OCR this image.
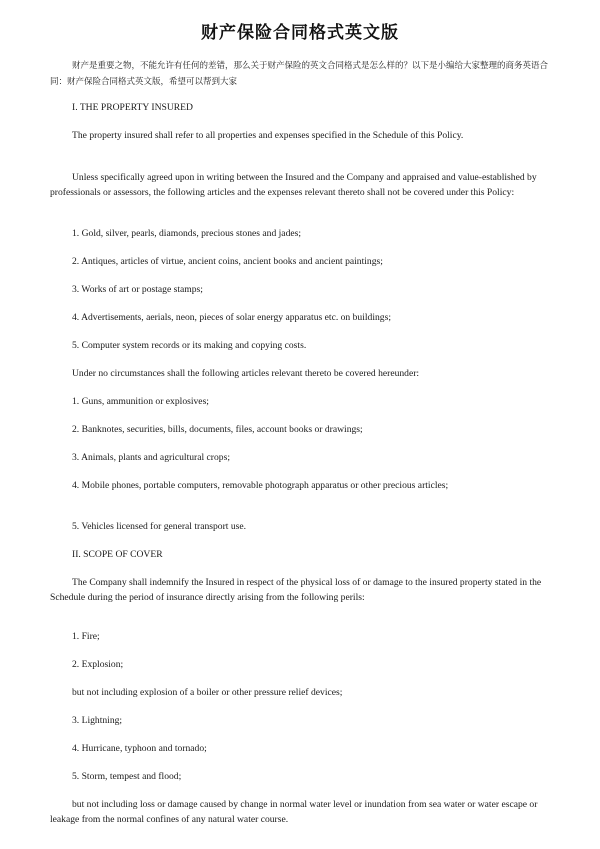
财产保险合同格式英文版

财产是重要之物，不能允许有任何的差错，那么关于财产保险的英文合同格式是怎么样的？以下是小编给大家整理的商务英语合同：财产保险合同格式英文版，希望可以帮到大家

I. THE PROPERTY INSURED

The property insured shall refer to all properties and expenses specified in the Schedule of this Policy.

Unless specifically agreed upon in writing between the Insured and the Company and appraised and value-established by professionals or assessors, the following articles and the expenses relevant thereto shall not be covered under this Policy:

1. Gold, silver, pearls, diamonds, precious stones and jades;

2. Antiques, articles of virtue, ancient coins, ancient books and ancient paintings;

3. Works of art or postage stamps;

4. Advertisements, aerials, neon, pieces of solar energy apparatus etc. on buildings;

5. Computer system records or its making and copying costs.

Under no circumstances shall the following articles relevant thereto be covered hereunder:

1. Guns, ammunition or explosives;

2. Banknotes, securities, bills, documents, files, account books or drawings;

3. Animals, plants and agricultural crops;

4. Mobile phones, portable computers, removable photograph apparatus or other precious articles;

5. Vehicles licensed for general transport use.

II. SCOPE OF COVER

The Company shall indemnify the Insured in respect of the physical loss of or damage to the insured property stated in the Schedule during the period of insurance directly arising from the following perils:

1. Fire;

2. Explosion;

but not including explosion of a boiler or other pressure relief devices;

3. Lightning;

4. Hurricane, typhoon and tornado;

5. Storm, tempest and flood;

but not including loss or damage caused by change in normal water level or inundation from sea water or water escape or leakage from the normal confines of any natural water course.
